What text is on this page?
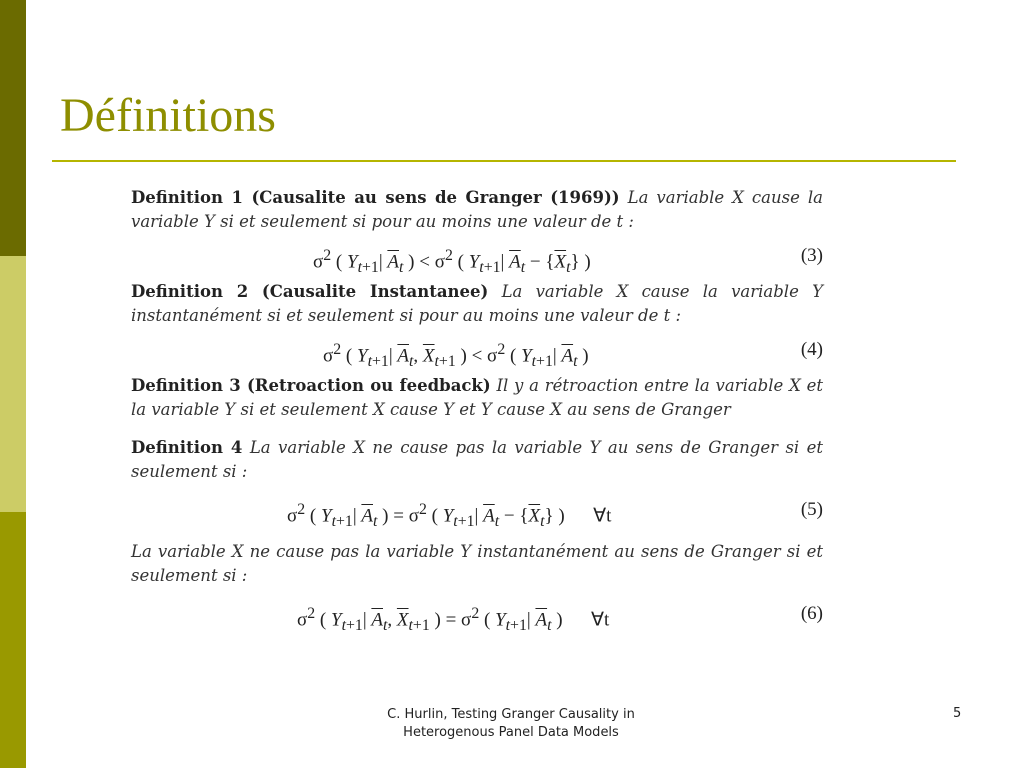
Définitions

Definition 1 (Causalite au sens de Granger (1969)) La variable X cause la variable Y si et seulement si pour au moins une valeur de t :

$\sigma^2$ ( $Y_{t+1}|$ $\overline{A}_t$ ) < $\sigma^2$ ( $Y_{t+1}|$ $\overline{A}_t - \{\overline{X}_t\}$ )	(3)

Definition 2 (Causalite Instantanee) La variable X cause la variable Y instantanément si et seulement si pour au moins une valeur de t :

$\sigma^2$ ( $Y_{t+1}|$ $\overline{A}_t$, $\overline{X}_{t+1}$ ) < $\sigma^2$ ( $Y_{t+1}|$ $\overline{A}_t$ )	(4)

Definition 3 (Retroaction ou feedback) Il y a rétroaction entre la variable X et la variable Y si et seulement X cause Y et Y cause X au sens de Granger

Definition 4 La variable X ne cause pas la variable Y au sens de Granger si et seulement si :

$\sigma^2$ ( $Y_{t+1}|$ $\overline{A}_t$ ) = $\sigma^2$ ( $Y_{t+1}|$ $\overline{A}_t - \{\overline{X}_t\}$ )      ∀t	(5)

La variable X ne cause pas la variable Y instantanément au sens de Granger si et seulement si :

$\sigma^2$ ( $Y_{t+1}|$ $\overline{A}_t$, $\overline{X}_{t+1}$ ) = $\sigma^2$ ( $Y_{t+1}|$ $\overline{A}_t$ )      ∀t	(6)
C. Hurlin, Testing Granger Causality in
Heterogenous Panel Data Models
5
